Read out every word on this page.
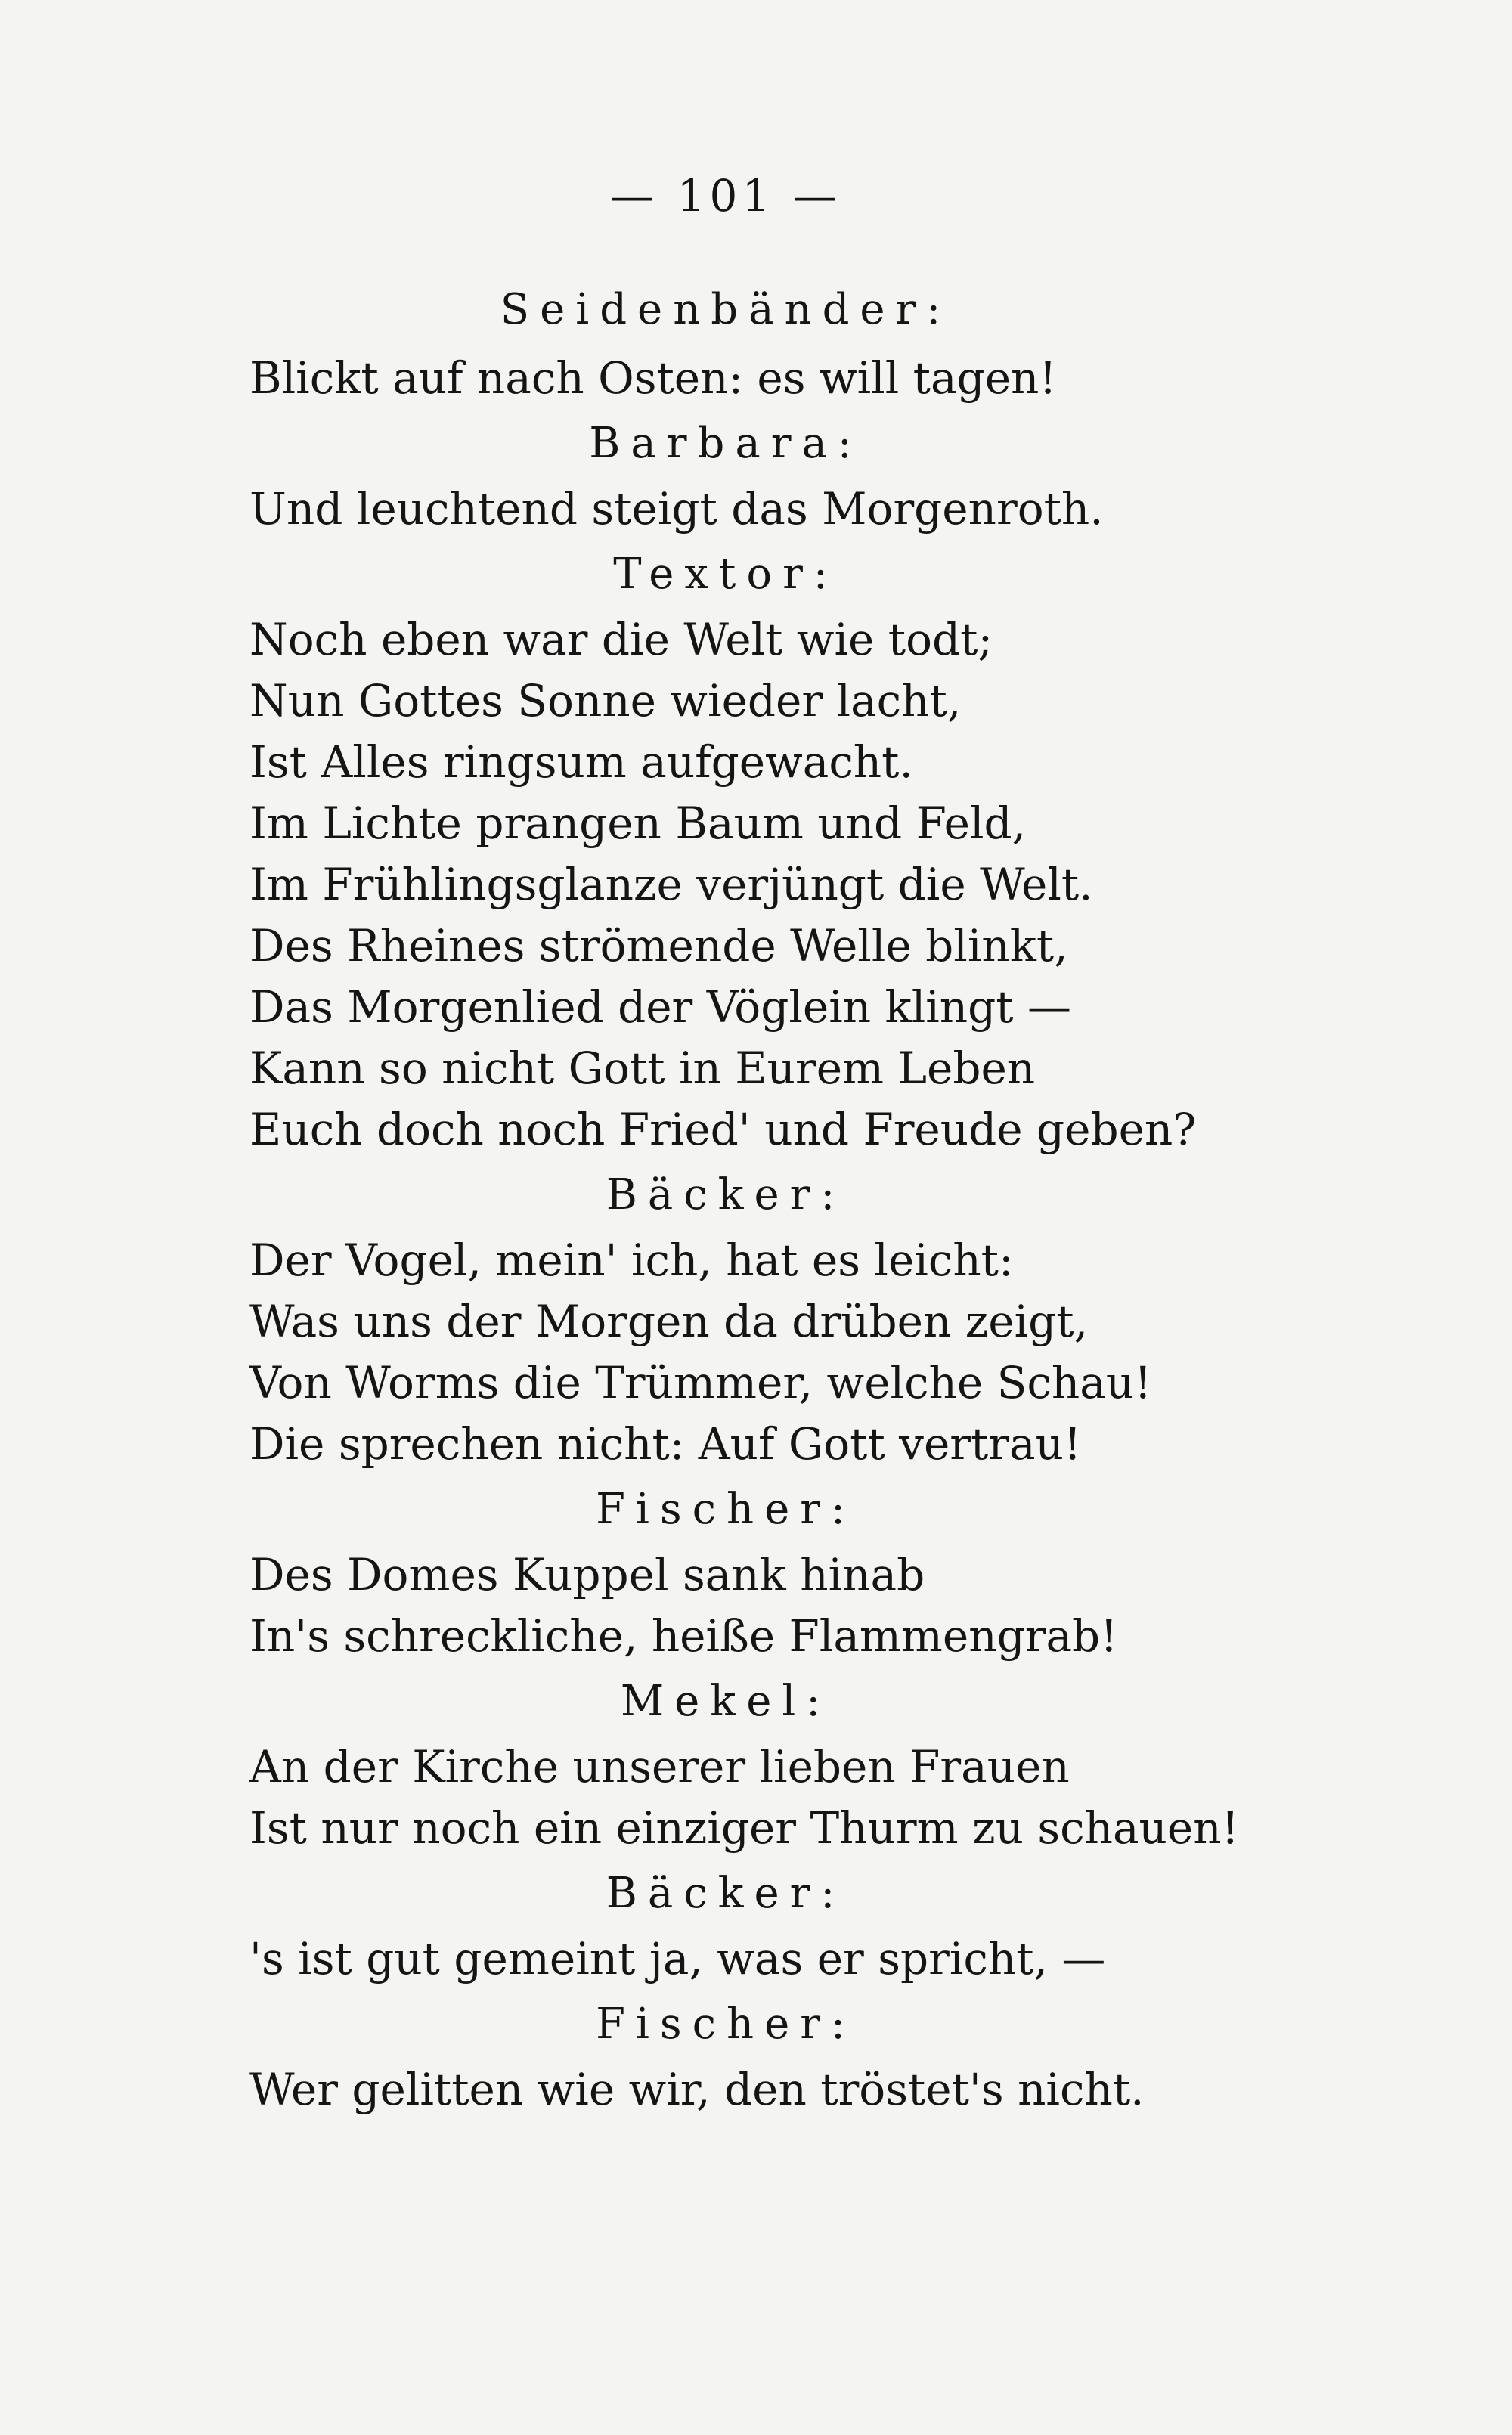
— 101 —
Seidenbänder:
Blickt auf nach Osten: es will tagen!
Barbara:
Und leuchtend steigt das Morgenroth.
Textor:
Noch eben war die Welt wie todt;
Nun Gottes Sonne wieder lacht,
Ist Alles ringsum aufgewacht.
Im Lichte prangen Baum und Feld,
Im Frühlingsglanze verjüngt die Welt.
Des Rheines strömende Welle blinkt,
Das Morgenlied der Vöglein klingt —
Kann so nicht Gott in Eurem Leben
Euch doch noch Fried' und Freude geben?
Bäcker:
Der Vogel, mein' ich, hat es leicht:
Was uns der Morgen da drüben zeigt,
Von Worms die Trümmer, welche Schau!
Die sprechen nicht: Auf Gott vertrau!
Fischer:
Des Domes Kuppel sank hinab
In's schreckliche, heiße Flammengrab!
Mekel:
An der Kirche unserer lieben Frauen
Ist nur noch ein einziger Thurm zu schauen!
Bäcker:
's ist gut gemeint ja, was er spricht, —
Fischer:
Wer gelitten wie wir, den tröstet's nicht.
